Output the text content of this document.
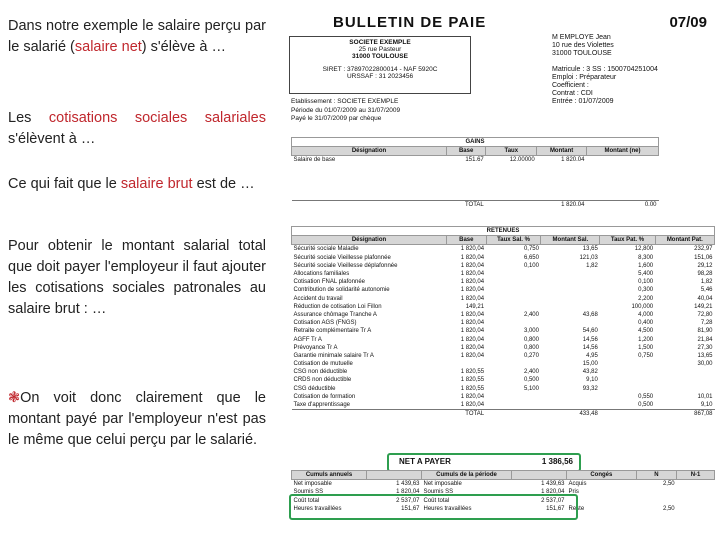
Dans notre exemple le salaire perçu par le salarié (salaire net) s'élève à …

Les cotisations sociales salariales s'élèvent à …

Ce qui fait que le salaire brut est de …

Pour obtenir le montant salarial total que doit payer l'employeur il faut ajouter les cotisations sociales patronales au salaire brut : …

❃On voit donc clairement que le montant payé par l'employeur n'est pas le même que celui perçu par le salarié.

BULLETIN DE PAIE	07/09
SOCIETE EXEMPLE
25 rue Pasteur
31000 TOULOUSE
SIRET : 37897022800014 - NAF 5920C
URSSAF : 31 2023456
M EMPLOYE Jean
10 rue des Violettes
31000 TOULOUSE
Matricule : 3 SS : 1500704251004
Emploi : Préparateur
Coefficient :
Contrat : CDI
Entrée : 01/07/2009
Etablissement : SOCIETE EXEMPLE
Période du 01/07/2009 au 31/07/2009
Payé le 31/07/2009 par chèque
GAINS				
Désignation	Base	Taux	Montant	Montant (ne)
Salaire de base	151.67	12.00000	1 820.04	

TOTAL			1 820.04	0.00
RETENUES					
Désignation	Base	Taux Sal. %	Montant Sal.	Taux Pat. %	Montant Pat.
Sécurité sociale Maladie	1 820,04	0,750	13,65	12,800	232,97
Sécurité sociale Vieillesse plafonnée	1 820,04	6,650	121,03	8,300	151,06
Sécurité sociale Vieillesse déplafonnée	1 820,04	0,100	1,82	1,600	29,12
Allocations familiales	1 820,04			5,400	98,28
Cotisation FNAL plafonnée	1 820,04			0,100	1,82
Contribution de solidarité autonomie	1 820,04			0,300	5,46
Accident du travail	1 820,04			2,200	40,04
Réduction de cotisation Loi Fillon	149,21			100,000	149,21
Assurance chômage Tranche A	1 820,04	2,400	43,68	4,000	72,80
Cotisation AGS (FNGS)	1 820,04			0,400	7,28
Retraite complémentaire Tr A	1 820,04	3,000	54,60	4,500	81,90
AGFF Tr A	1 820,04	0,800	14,56	1,200	21,84
Prévoyance Tr A	1 820,04	0,800	14,56	1,500	27,30
Garantie minimale salaire Tr A	1 820,04	0,270	4,95	0,750	13,65
Cotisation de mutuelle			15,00		30,00
CSG non déductible	1 820,55	2,400	43,82		
CRDS non déductible	1 820,55	0,500	9,10		
CSG déductible	1 820,55	5,100	93,32		
Cotisation de formation	1 820,04			0,550	10,01
Taxe d'apprentissage	1 820,04			0,500	9,10
TOTAL			433,48		867,08
NET A PAYER	1 386,56
Cumuls annuels		Cumuls de la période		Congés	N	N-1
Net imposable	1 439,63	Net imposable	1 439,63	Acquis	2,50	
Soumis SS	1 820,04	Soumis SS	1 820,04	Pris		
Coût total	2 537,07	Coût total	2 537,07			
Heures travaillées	151,67	Heures travaillées	151,67	Reste	2,50	
